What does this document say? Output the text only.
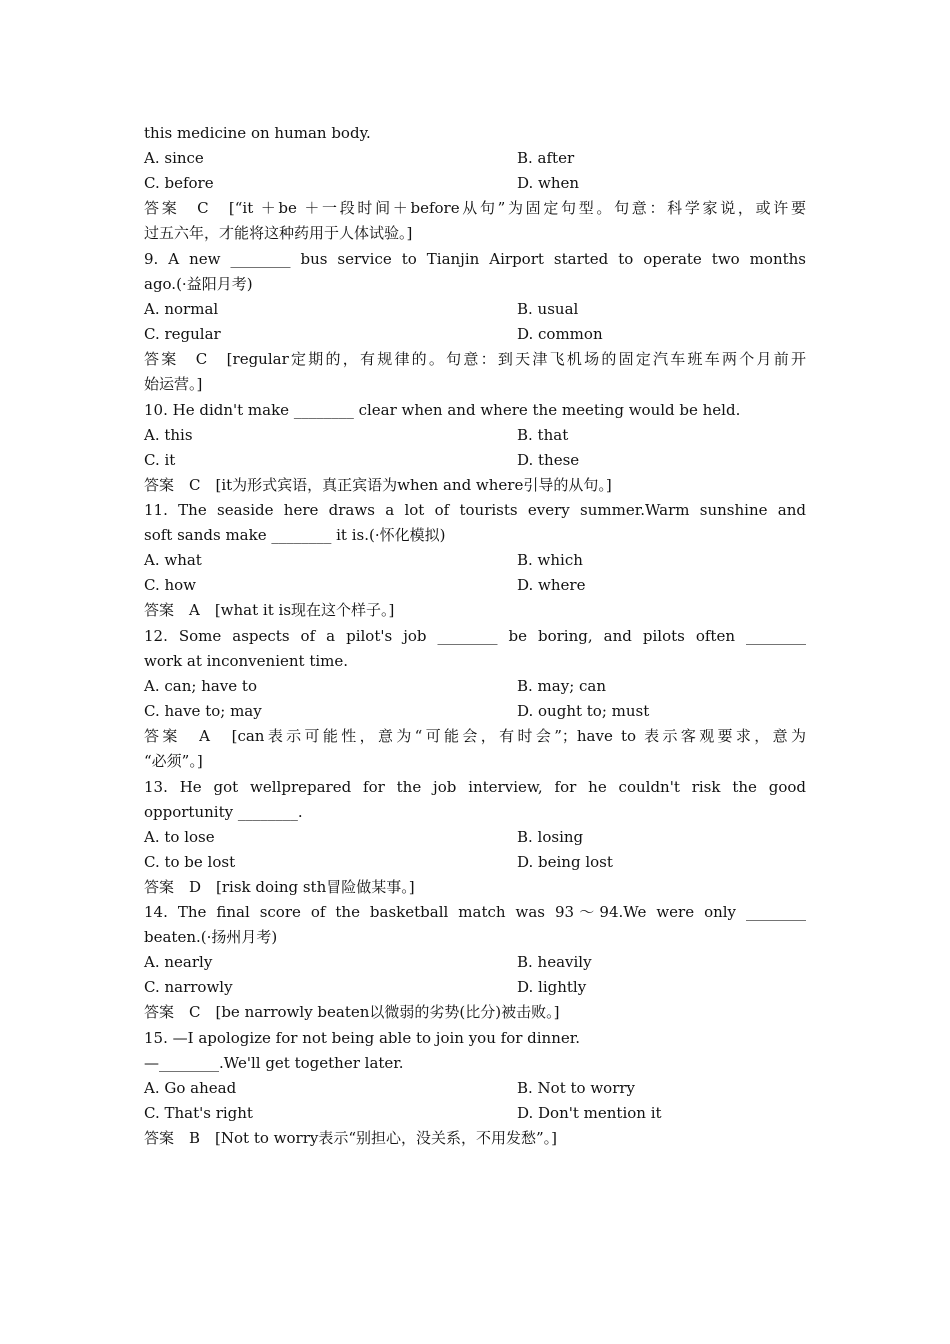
this medicine on human body.
A. since	B. after
C. before	D. when
答案　C　[“it ＋be ＋一段时间＋before从句”为固定句型。句意：科学家说，或许要
过五六年，才能将这种药用于人体试验。]
9. A new ________ bus service to Tianjin Airport started to operate two months
ago.(·益阳月考)
A. normal	B. usual
C. regular	D. common
答案　C　[regular定期的，有规律的。句意：到天津飞机场的固定汽车班车两个月前开
始运营。]
10. He didn't make ________ clear when and where the meeting would be held.
A. this	B. that
C. it	D. these
答案　C　[it为形式宾语，真正宾语为when and where引导的从句。]
11. The seaside here draws a lot of tourists every summer.Warm sunshine and
soft sands make ________ it is.(·怀化模拟)
A. what	B. which
C. how	D. where
答案　A　[what it is现在这个样子。]
12. Some aspects of a pilot's job ________ be boring, and pilots often ________
work at inconvenient time.
A. can; have to	B. may; can
C. have to; may	D. ought to; must
答案　A　[can表示可能性，意为“可能会，有时会”；have to 表示客观要求，意为
“必须”。]
13. He got wellprepared for the job interview, for he couldn't risk the good
opportunity ________.
A. to lose	B. losing
C. to be lost	D. being lost
答案　D　[risk doing sth冒险做某事。]
14. The final score of the basketball match was 93～94.We were only ________
beaten.(·扬州月考)
A. nearly	B. heavily
C. narrowly	D. lightly
答案　C　[be narrowly beaten以微弱的劣势(比分)被击败。]
15. —I apologize for not being able to join you for dinner.
—________.We'll get together later.
A. Go ahead	B. Not to worry
C. That's right	D. Don't mention it
答案　B　[Not to worry表示“别担心，没关系，不用发愁”。]
